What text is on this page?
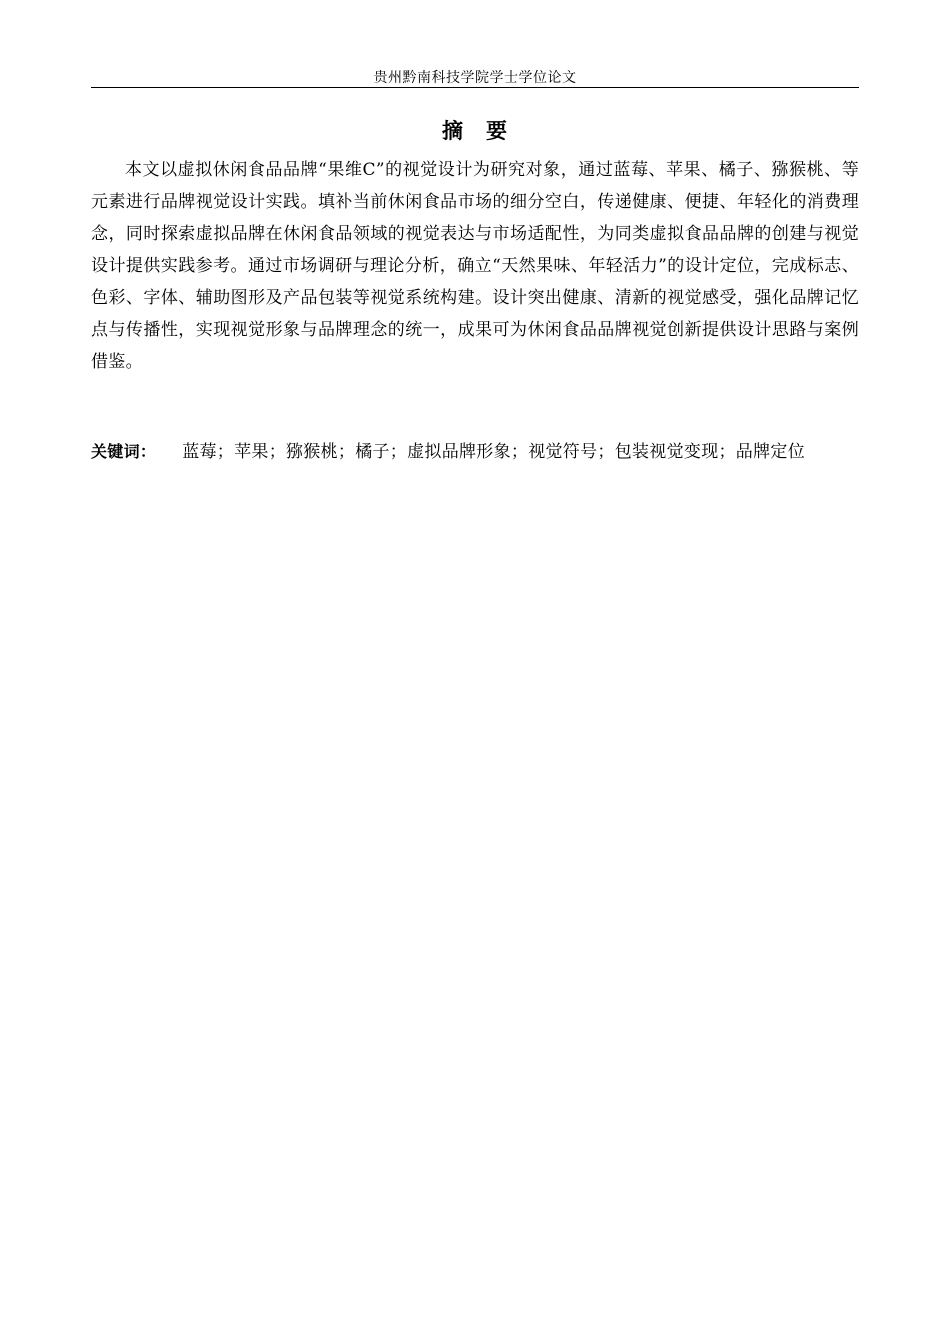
贵州黔南科技学院学士学位论文
摘 要

本文以虚拟休闲食品品牌“果维C”的视觉设计为研究对象，通过蓝莓、苹果、橘子、猕猴桃、等元素进行品牌视觉设计实践。填补当前休闲食品市场的细分空白，传递健康、便捷、年轻化的消费理念，同时探索虚拟品牌在休闲食品领域的视觉表达与市场适配性，为同类虚拟食品品牌的创建与视觉设计提供实践参考。通过市场调研与理论分析，确立“天然果味、年轻活力”的设计定位，完成标志、色彩、字体、辅助图形及产品包装等视觉系统构建。设计突出健康、清新的视觉感受，强化品牌记忆点与传播性，实现视觉形象与品牌理念的统一，成果可为休闲食品品牌视觉创新提供设计思路与案例借鉴。

关键词： 蓝莓；苹果；猕猴桃；橘子；虚拟品牌形象；视觉符号；包装视觉变现；品牌定位
